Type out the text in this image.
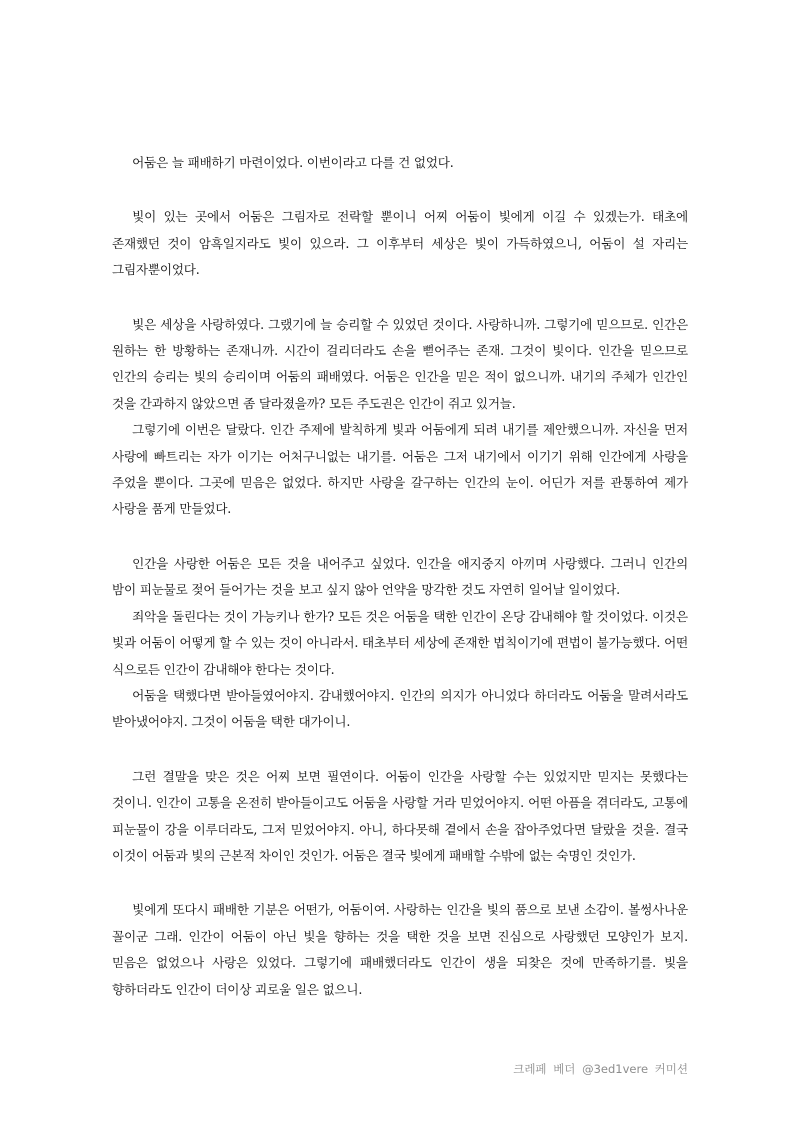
어둠은 늘 패배하기 마련이었다. 이번이라고 다를 건 없었다.

빛이 있는 곳에서 어둠은 그림자로 전락할 뿐이니 어찌 어둠이 빛에게 이길 수 있겠는가. 태초에 존재했던 것이 암흑일지라도 빛이 있으라. 그 이후부터 세상은 빛이 가득하였으니, 어둠이 설 자리는 그림자뿐이었다.

빛은 세상을 사랑하였다. 그랬기에 늘 승리할 수 있었던 것이다. 사랑하니까. 그렇기에 믿으므로. 인간은 원하는 한 방황하는 존재니까. 시간이 걸리더라도 손을 뻗어주는 존재. 그것이 빛이다. 인간을 믿으므로 인간의 승리는 빛의 승리이며 어둠의 패배였다. 어둠은 인간을 믿은 적이 없으니까. 내기의 주체가 인간인 것을 간과하지 않았으면 좀 달라졌을까? 모든 주도권은 인간이 쥐고 있거늘.

그렇기에 이번은 달랐다. 인간 주제에 발칙하게 빛과 어둠에게 되려 내기를 제안했으니까. 자신을 먼저 사랑에 빠트리는 자가 이기는 어처구니없는 내기를. 어둠은 그저 내기에서 이기기 위해 인간에게 사랑을 주었을 뿐이다. 그곳에 믿음은 없었다. 하지만 사랑을 갈구하는 인간의 눈이. 어딘가 저를 관통하여 제가 사랑을 품게 만들었다.

인간을 사랑한 어둠은 모든 것을 내어주고 싶었다. 인간을 애지중지 아끼며 사랑했다. 그러니 인간의 밤이 피눈물로 젖어 들어가는 것을 보고 싶지 않아 언약을 망각한 것도 자연히 일어날 일이었다.

죄악을 돌린다는 것이 가능키나 한가? 모든 것은 어둠을 택한 인간이 온당 감내해야 할 것이었다. 이것은 빛과 어둠이 어떻게 할 수 있는 것이 아니라서. 태초부터 세상에 존재한 법칙이기에 편법이 불가능했다. 어떤 식으로든 인간이 감내해야 한다는 것이다.

어둠을 택했다면 받아들였어야지. 감내했어야지. 인간의 의지가 아니었다 하더라도 어둠을 말려서라도 받아냈어야지. 그것이 어둠을 택한 대가이니.

그런 결말을 맞은 것은 어찌 보면 필연이다. 어둠이 인간을 사랑할 수는 있었지만 믿지는 못했다는 것이니. 인간이 고통을 온전히 받아들이고도 어둠을 사랑할 거라 믿었어야지. 어떤 아픔을 겪더라도, 고통에 피눈물이 강을 이루더라도, 그저 믿었어야지. 아니, 하다못해 곁에서 손을 잡아주었다면 달랐을 것을. 결국 이것이 어둠과 빛의 근본적 차이인 것인가. 어둠은 결국 빛에게 패배할 수밖에 없는 숙명인 것인가.

빛에게 또다시 패배한 기분은 어떤가, 어둠이여. 사랑하는 인간을 빛의 품으로 보낸 소감이. 볼썽사나운 꼴이군 그래. 인간이 어둠이 아닌 빛을 향하는 것을 택한 것을 보면 진심으로 사랑했던 모양인가 보지. 믿음은 없었으나 사랑은 있었다. 그렇기에 패배했더라도 인간이 생을 되찾은 것에 만족하기를. 빛을 향하더라도 인간이 더이상 괴로울 일은 없으니.

크레페 베더 @3ed1vere 커미션
